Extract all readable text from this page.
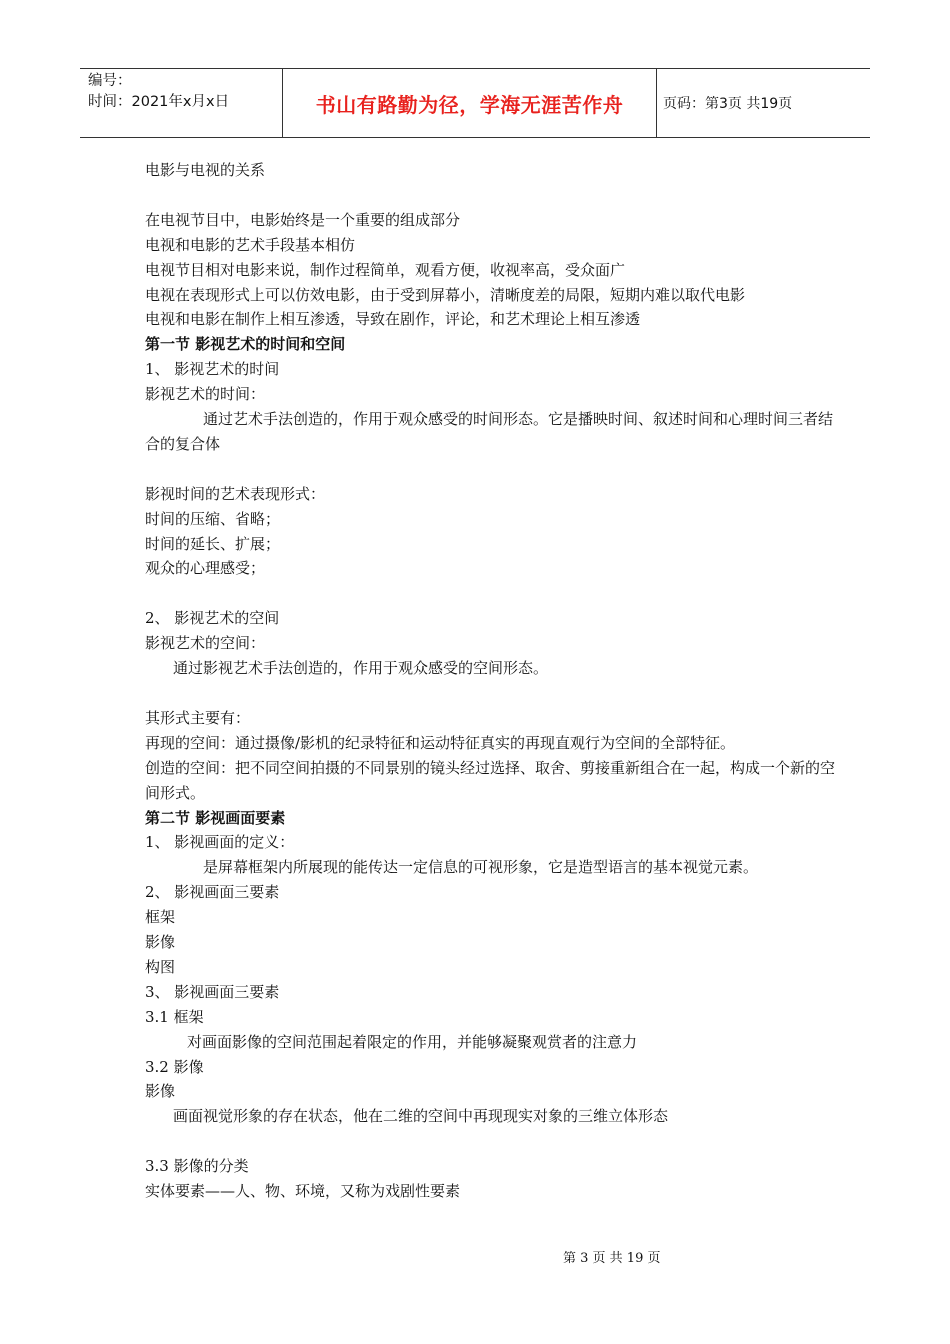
编号：
时间：2021年x月x日	书山有路勤为径，学海无涯苦作舟	页码：第3页 共19页
电影与电视的关系
在电视节目中，电影始终是一个重要的组成部分
电视和电影的艺术手段基本相仿
电视节目相对电影来说，制作过程简单，观看方便，收视率高，受众面广
电视在表现形式上可以仿效电影，由于受到屏幕小，清晰度差的局限，短期内难以取代电影
电视和电影在制作上相互渗透，导致在剧作，评论，和艺术理论上相互渗透
第一节 影视艺术的时间和空间
1、 影视艺术的时间
影视艺术的时间：
通过艺术手法创造的，作用于观众感受的时间形态。它是播映时间、叙述时间和心理时间三者结合的复合体
影视时间的艺术表现形式：
时间的压缩、省略；
时间的延长、扩展；
观众的心理感受；
2、 影视艺术的空间
影视艺术的空间：
通过影视艺术手法创造的，作用于观众感受的空间形态。
其形式主要有：
再现的空间：通过摄像/影机的纪录特征和运动特征真实的再现直观行为空间的全部特征。
创造的空间：把不同空间拍摄的不同景别的镜头经过选择、取舍、剪接重新组合在一起，构成一个新的空间形式。
第二节 影视画面要素
1、 影视画面的定义：
是屏幕框架内所展现的能传达一定信息的可视形象，它是造型语言的基本视觉元素。
2、 影视画面三要素
框架
影像
构图
3、 影视画面三要素
3.1 框架
对画面影像的空间范围起着限定的作用，并能够凝聚观赏者的注意力
3.2 影像
影像
画面视觉形象的存在状态，他在二维的空间中再现现实对象的三维立体形态
3.3 影像的分类
实体要素——人、物、环境，又称为戏剧性要素
第 3 页 共 19 页
